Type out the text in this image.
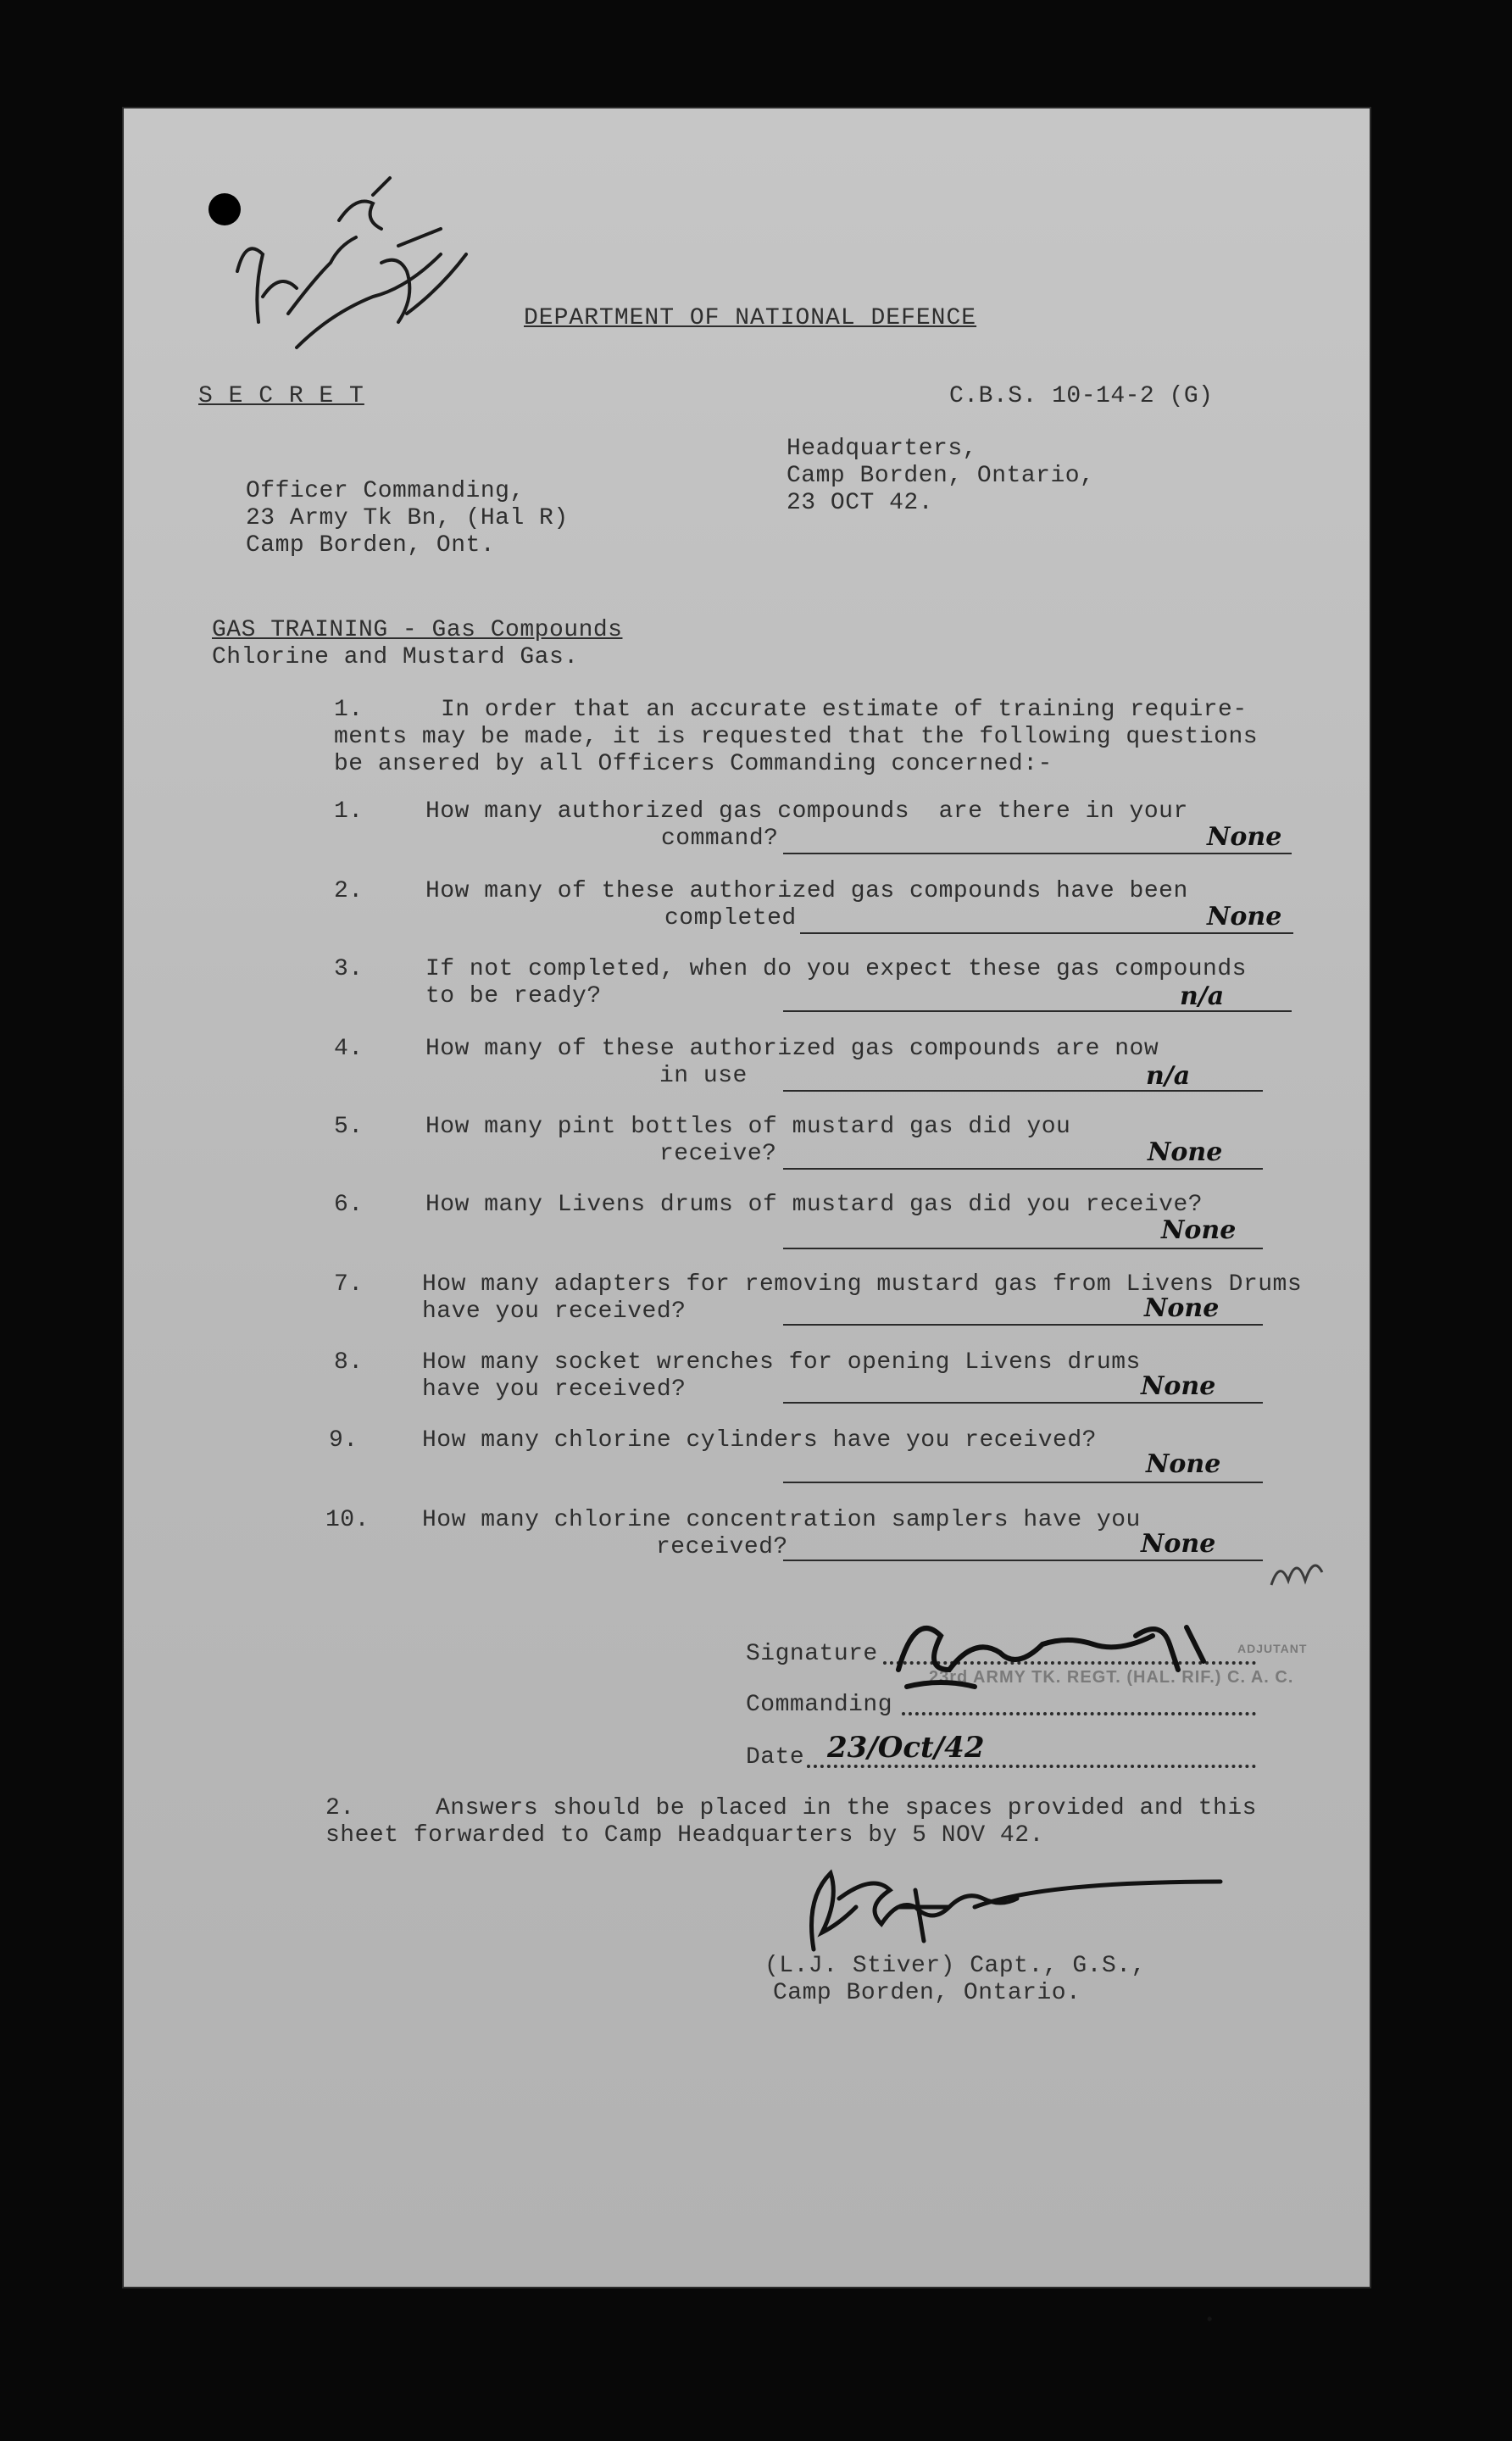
DEPARTMENT OF NATIONAL DEFENCE
S E C R E T	C.B.S. 10-14-2 (G)
Headquarters,
Camp Borden, Ontario,
23 OCT 42.
Officer Commanding,
23 Army Tk Bn, (Hal R)
Camp Borden, Ont.
GAS TRAINING - Gas Compounds
Chlorine and Mustard Gas.
1.	In order that an accurate estimate of training require-
ments may be made, it is requested that the following questions
be ansered by all Officers Commanding concerned:-
1.	How many authorized gas compounds  are there in your
command?	None
2.	How many of these authorized gas compounds have been
completed	None
3.	If not completed, when do you expect these gas compounds
to be ready?	n/a
4.	How many of these authorized gas compounds are now
in use	n/a
5.	How many pint bottles of mustard gas did you
receive?	None
6.	How many Livens drums of mustard gas did you receive?
None
7. How many adapters for removing mustard gas from Livens Drums
have you received?	None
8. How many socket wrenches for opening Livens drums
have you received?	None
9.	How many chlorine cylinders have you received?
None
10. How many chlorine concentration samplers have you
received?	None
Signature
Commanding
Date 23/Oct/42
ADJUTANT
23rd ARMY TK. REGT. (HAL. RIF.) C. A. C.
2.	Answers should be placed in the spaces provided and this
sheet forwarded to Camp Headquarters by 5 NOV 42.
(L.J. Stiver) Capt., G.S.,
Camp Borden, Ontario.
